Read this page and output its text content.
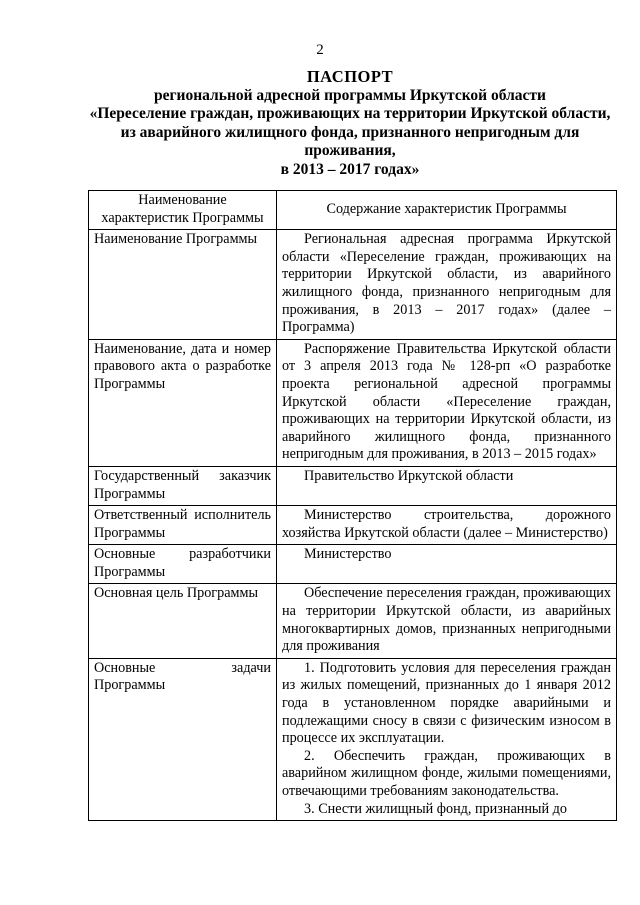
2
ПАСПОРТ
региональной адресной программы Иркутской области
«Переселение граждан, проживающих на территории Иркутской области,
из аварийного жилищного фонда, признанного непригодным для
проживания,
в 2013 – 2017 годах»
Наименование характеристик Программы	Содержание характеристик Программы
Наименование Программы	Региональная адресная программа Иркутской области «Переселение граждан, проживающих на территории Иркутской области, из аварийного жилищного фонда, признанного непригодным для проживания, в 2013 – 2017 годах» (далее – Программа)
Наименование, дата и номер правового акта о разработке Программы	Распоряжение Правительства Иркутской области от 3 апреля 2013 года № 128-рп «О разработке проекта региональной адресной программы Иркутской области «Переселение граждан, проживающих на территории Иркутской области, из аварийного жилищного фонда, признанного непригодным для проживания, в 2013 – 2015 годах»
Государственный заказчик Программы	Правительство Иркутской области
Ответственный исполнитель Программы	Министерство строительства, дорожного хозяйства Иркутской области (далее – Министерство)
Основные разработчики Программы	Министерство
Основная цель Программы	Обеспечение переселения граждан, проживающих на территории Иркутской области, из аварийных многоквартирных домов, признанных непригодными для проживания
Основные задачи Программы	1. Подготовить условия для переселения граждан из жилых помещений, признанных до 1 января 2012 года в установленном порядке аварийными и подлежащими сносу в связи с физическим износом в процессе их эксплуатации.
2. Обеспечить граждан, проживающих в аварийном жилищном фонде, жилыми помещениями, отвечающими требованиям законодательства.
3. Снести жилищный фонд, признанный до
